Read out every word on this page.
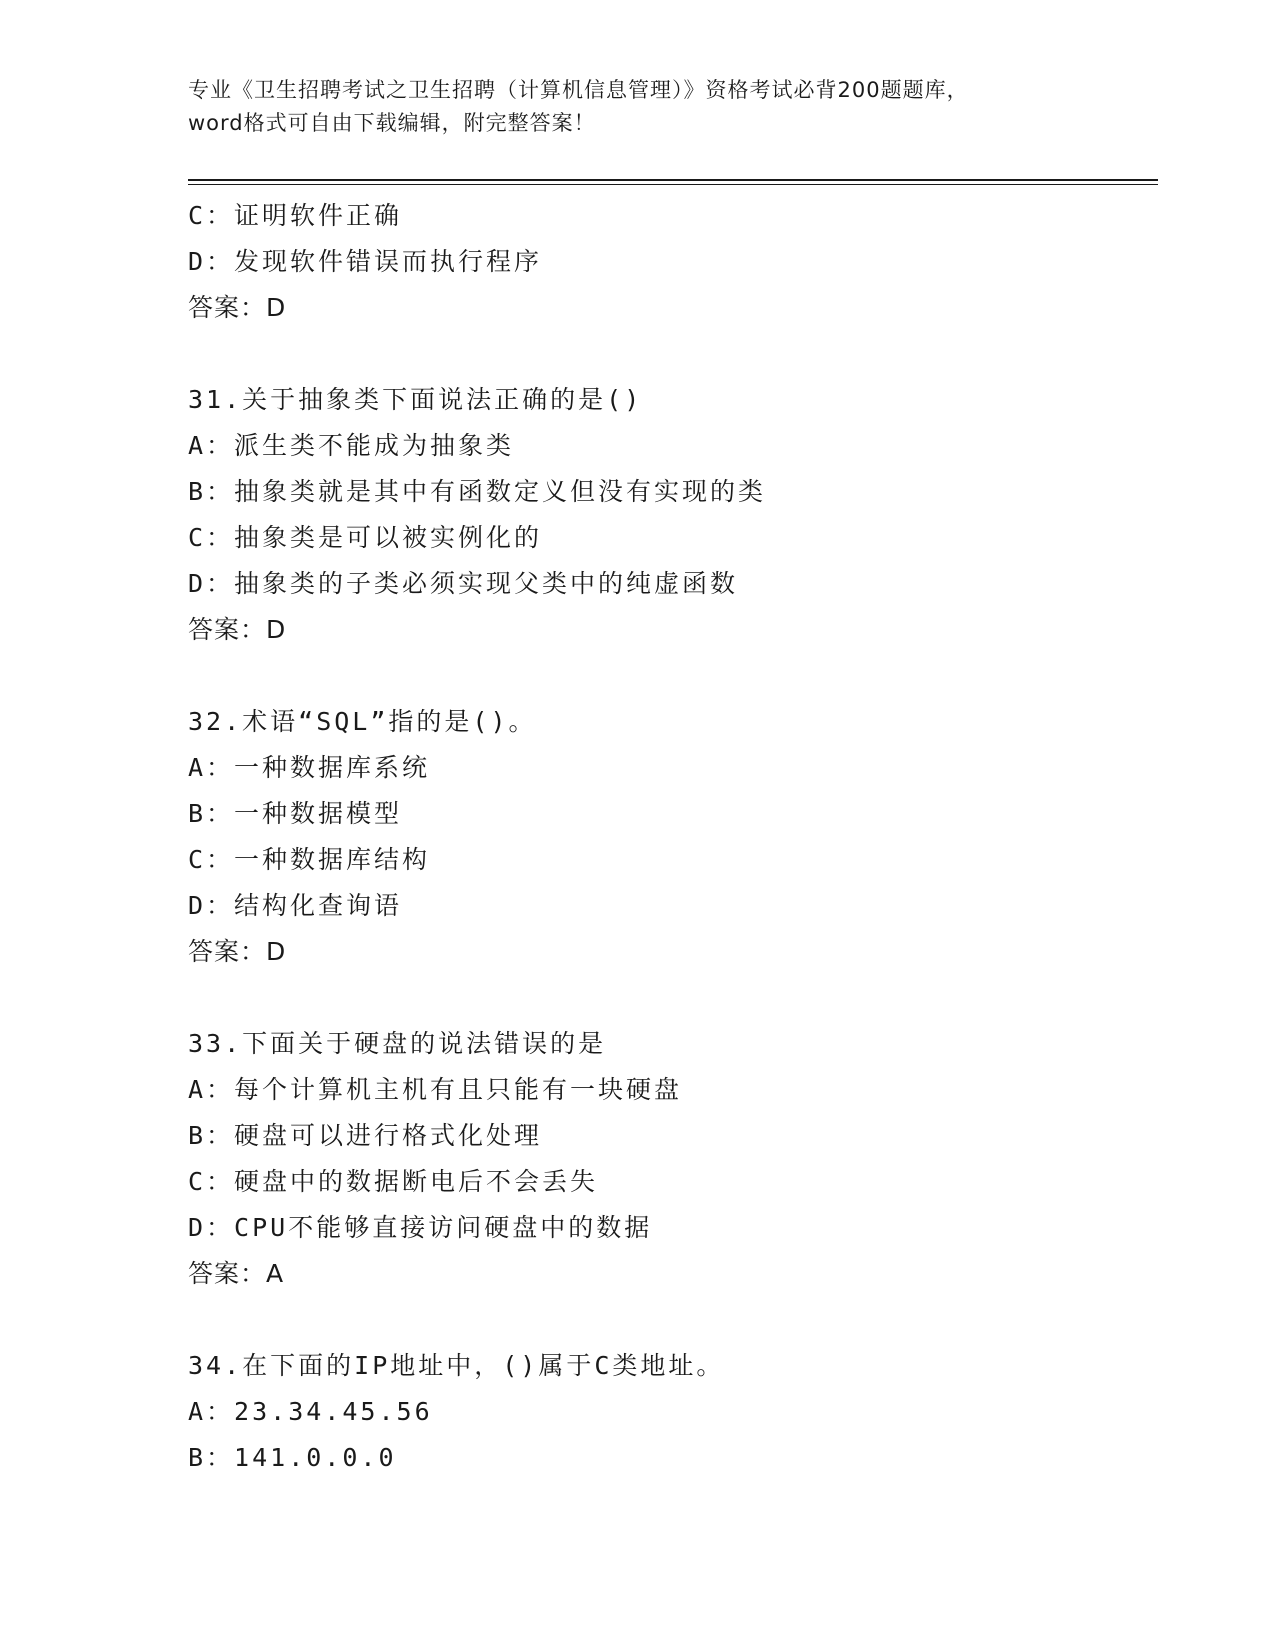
专业《卫生招聘考试之卫生招聘（计算机信息管理）》资格考试必背200题题库，
word格式可自由下载编辑，附完整答案！
C：证明软件正确
D：发现软件错误而执行程序
答案：D
31.关于抽象类下面说法正确的是()
A：派生类不能成为抽象类
B：抽象类就是其中有函数定义但没有实现的类
C：抽象类是可以被实例化的
D：抽象类的子类必须实现父类中的纯虚函数
答案：D
32.术语“SQL”指的是()。
A：一种数据库系统
B：一种数据模型
C：一种数据库结构
D：结构化查询语
答案：D
33.下面关于硬盘的说法错误的是
A：每个计算机主机有且只能有一块硬盘
B：硬盘可以进行格式化处理
C：硬盘中的数据断电后不会丢失
D：CPU不能够直接访问硬盘中的数据
答案：A
34.在下面的IP地址中，()属于C类地址。
A：23.34.45.56
B：141.0.0.0
